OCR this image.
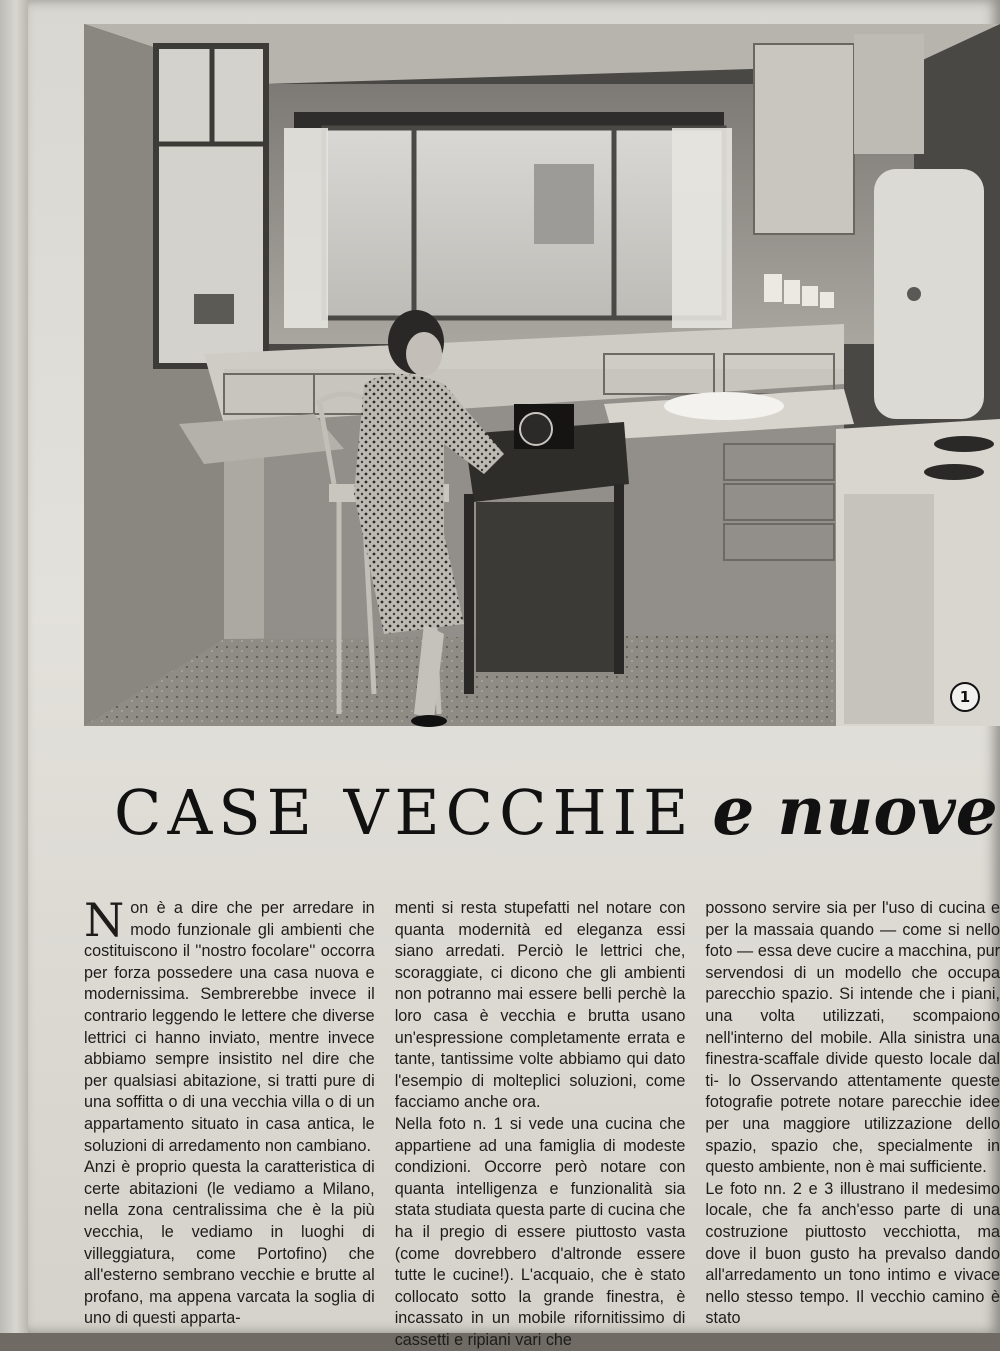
1
CASE VECCHIE e nuove
N on è a dire che per arredare in modo funzionale gli ambienti che costituiscono il ''nostro focolare'' occorra per forza possedere una casa nuova e modernissima. Sembrerebbe invece il contrario leggendo le lettere che diverse lettrici ci hanno inviato, mentre invece abbiamo sempre insistito nel dire che per qualsiasi abitazione, si tratti pure di una soffitta o di una vecchia villa o di un appartamento situato in casa antica, le soluzioni di arredamento non cambiano.

Anzi è proprio questa la caratteristica di certe abitazioni (le vediamo a Milano, nella zona centralissima che è la più vecchia, le vediamo in luoghi di villeggiatura, come Portofino) che all'esterno sembrano vecchie e brutte al profano, ma appena varcata la soglia di uno di questi apparta-

menti si resta stupefatti nel notare con quanta modernità ed eleganza essi siano arredati. Perciò le lettrici che, scoraggiate, ci dicono che gli ambienti non potranno mai essere belli perchè la loro casa è vecchia e brutta usano un'espressione completamente errata e tante, tantissime volte abbiamo qui dato l'esempio di molteplici soluzioni, come facciamo anche ora.

Nella foto n. 1 si vede una cucina che appartiene ad una famiglia di modeste condizioni. Occorre però notare con quanta intelligenza e funzionalità sia stata studiata questa parte di cucina che ha il pregio di essere piuttosto vasta (come dovrebbero d'altronde essere tutte le cucine!). L'acquaio, che è stato collocato sotto la grande finestra, è incassato in un mobile rifornitissimo di cassetti e ripiani vari che

possono servire sia per l'uso di cucina e per la massaia quando — come si nello foto — essa deve cucire a macchina, pur servendosi di un modello che occupa parecchio spazio. Si intende che i piani, una volta utilizzati, scompaiono nell'interno del mobile. Alla sinistra una finestra-scaffale divide questo locale dal ti- lo Osservando attentamente queste fotografie potrete notare parecchie idee per una maggiore utilizzazione dello spazio, spazio che, specialmente in questo ambiente, non è mai sufficiente.

Le foto nn. 2 e 3 illustrano il medesimo locale, che fa anch'esso parte di una costruzione piuttosto vecchiotta, ma dove il buon gusto ha prevalso dando all'arredamento un tono intimo e vivace nello stesso tempo. Il vecchio camino è stato
